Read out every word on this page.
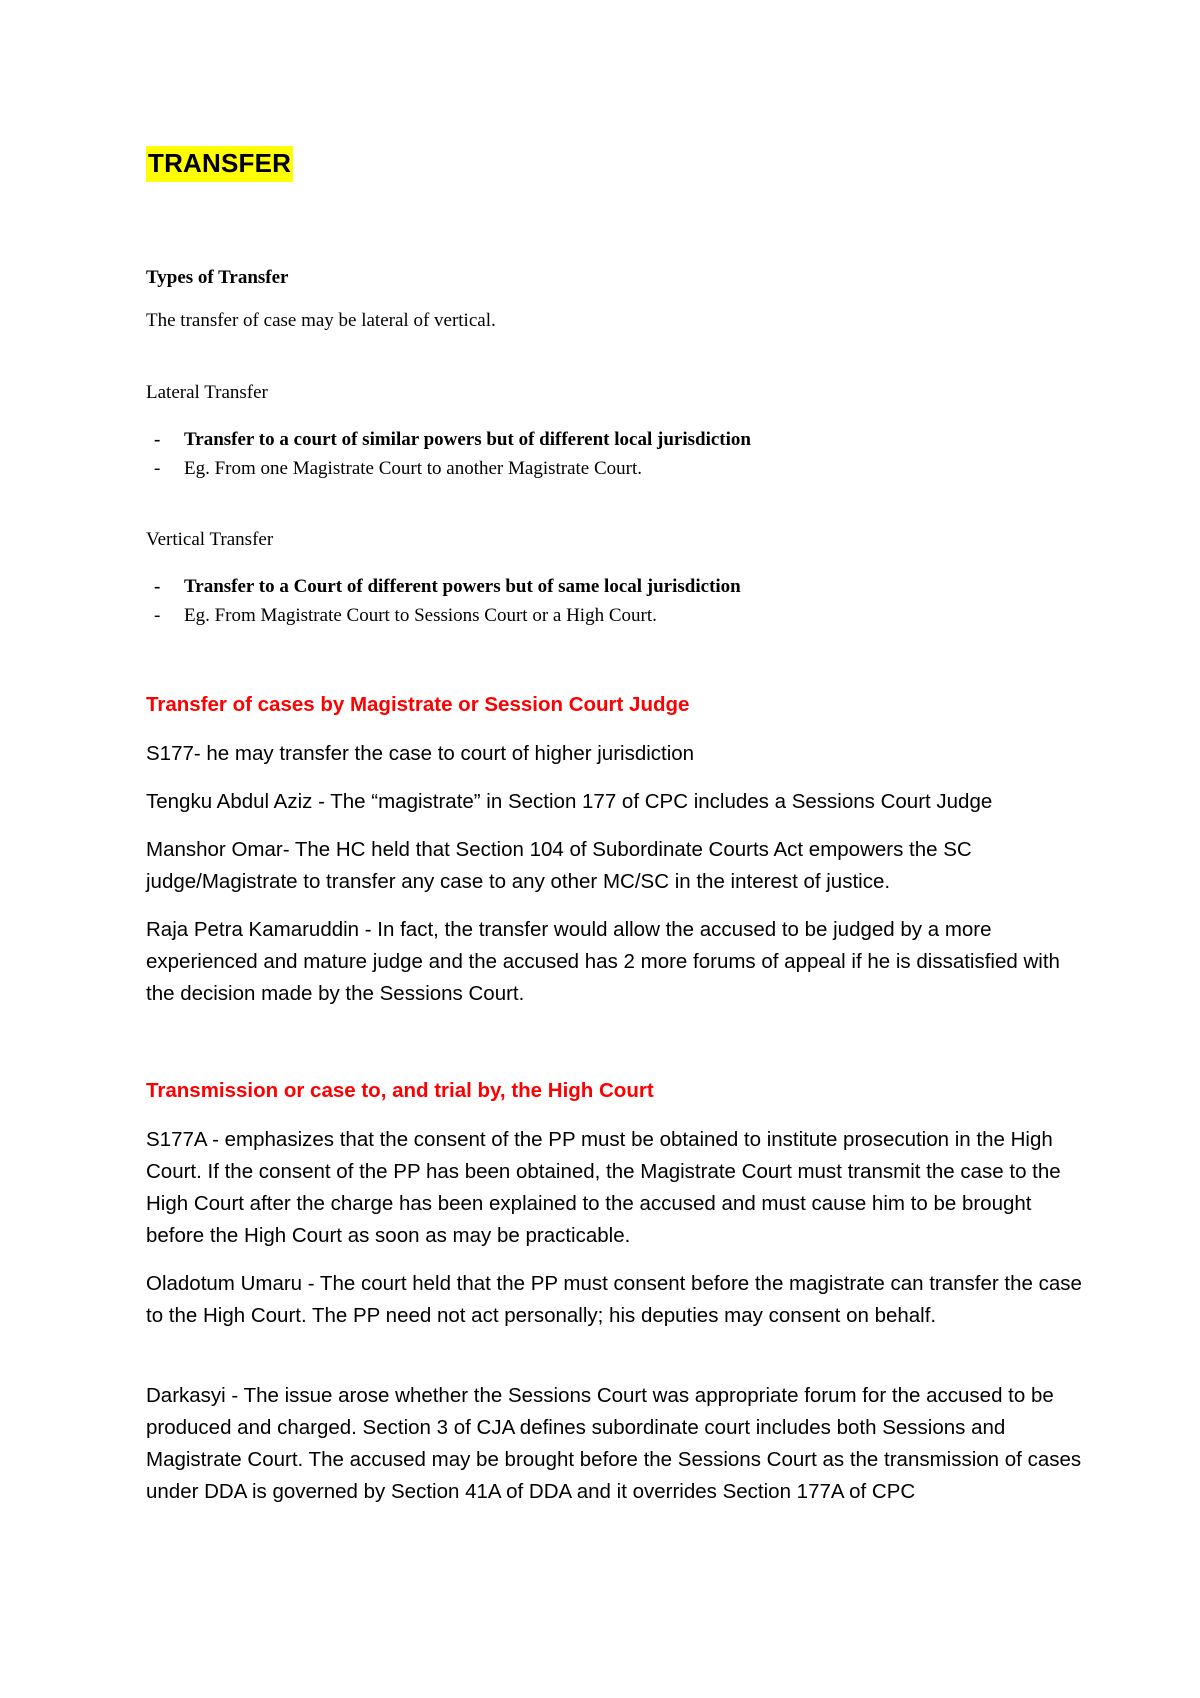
TRANSFER
Types of Transfer
The transfer of case may be lateral of vertical.
Lateral Transfer
- Transfer to a court of similar powers but of different local jurisdiction
- Eg. From one Magistrate Court to another Magistrate Court.
Vertical Transfer
- Transfer to a Court of different powers but of same local jurisdiction
- Eg. From Magistrate Court to Sessions Court or a High Court.
Transfer of cases by Magistrate or Session Court Judge

S177- he may transfer the case to court of higher jurisdiction

Tengku Abdul Aziz - The “magistrate” in Section 177 of CPC includes a Sessions Court Judge

Manshor Omar- The HC held that Section 104 of Subordinate Courts Act empowers the SC judge/Magistrate to transfer any case to any other MC/SC in the interest of justice.

Raja Petra Kamaruddin - In fact, the transfer would allow the accused to be judged by a more experienced and mature judge and the accused has 2 more forums of appeal if he is dissatisfied with the decision made by the Sessions Court.

Transmission or case to, and trial by, the High Court

S177A - emphasizes that the consent of the PP must be obtained to institute prosecution in the High Court. If the consent of the PP has been obtained, the Magistrate Court must transmit the case to the High Court after the charge has been explained to the accused and must cause him to be brought before the High Court as soon as may be practicable.

Oladotum Umaru - The court held that the PP must consent before the magistrate can transfer the case to the High Court. The PP need not act personally; his deputies may consent on behalf.

Darkasyi - The issue arose whether the Sessions Court was appropriate forum for the accused to be produced and charged. Section 3 of CJA defines subordinate court includes both Sessions and Magistrate Court. The accused may be brought before the Sessions Court as the transmission of cases under DDA is governed by Section 41A of DDA and it overrides Section 177A of CPC
